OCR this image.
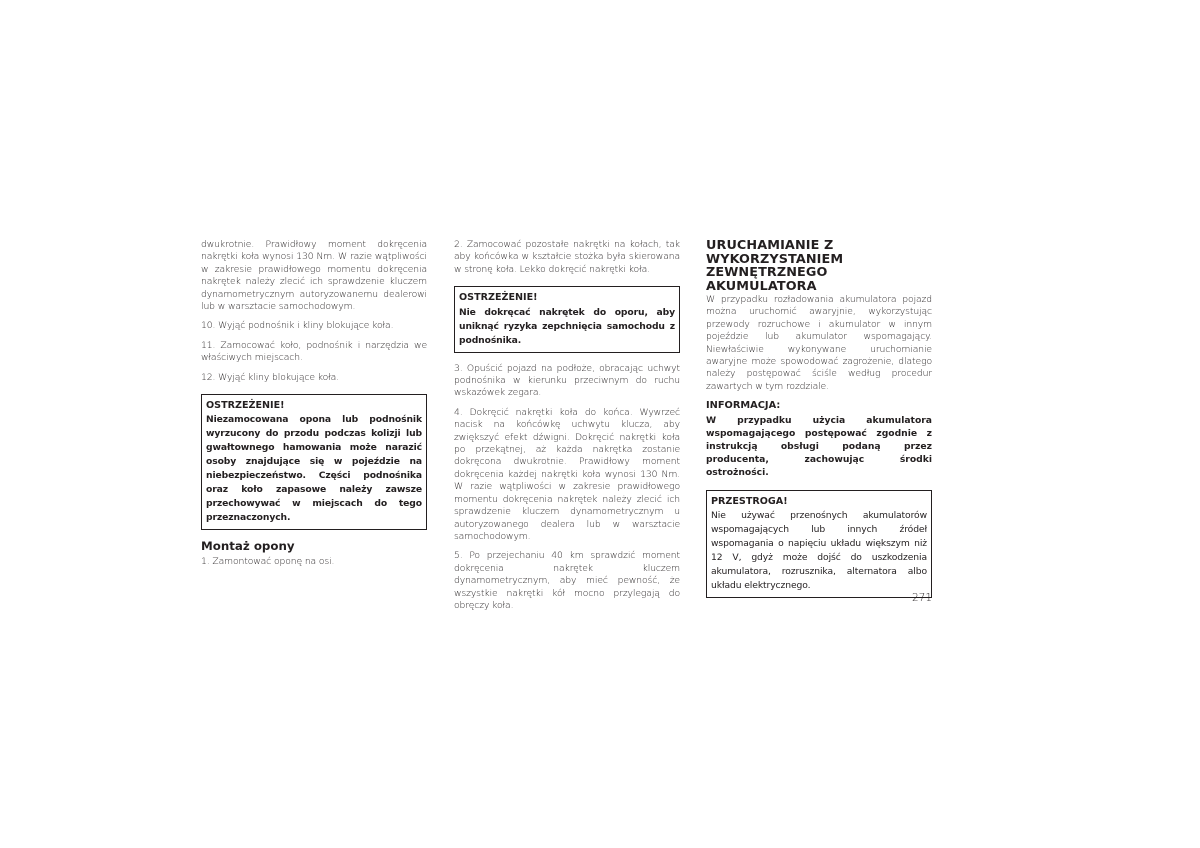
dwukrotnie. Prawidłowy moment dokręcenia nakrętki koła wynosi 130 Nm. W razie wątpliwości w zakresie prawidłowego momentu dokręcenia nakrętek należy zlecić ich sprawdzenie kluczem dynamometrycznym autoryzowanemu dealerowi lub w warsztacie samochodowym.

10. Wyjąć podnośnik i kliny blokujące koła.

11. Zamocować koło, podnośnik i narzędzia we właściwych miejscach.

12. Wyjąć kliny blokujące koła.

OSTRZEŻENIE!
Niezamocowana opona lub podnośnik wyrzucony do przodu podczas kolizji lub gwałtownego hamowania może narazić osoby znajdujące się w pojeździe na niebezpieczeństwo. Części podnośnika oraz koło zapasowe należy zawsze przechowywać w miejscach do tego przeznaczonych.
Montaż opony

1. Zamontować oponę na osi.

2. Zamocować pozostałe nakrętki na kołach, tak aby końcówka w kształcie stożka była skierowana w stronę koła. Lekko dokręcić nakrętki koła.

OSTRZEŻENIE!
Nie dokręcać nakrętek do oporu, aby uniknąć ryzyka zepchnięcia samochodu z podnośnika.

3. Opuścić pojazd na podłoże, obracając uchwyt podnośnika w kierunku przeciwnym do ruchu wskazówek zegara.

4. Dokręcić nakrętki koła do końca. Wywrzeć nacisk na końcówkę uchwytu klucza, aby zwiększyć efekt dźwigni. Dokręcić nakrętki koła po przekątnej, aż każda nakrętka zostanie dokręcona dwukrotnie. Prawidłowy moment dokręcenia każdej nakrętki koła wynosi 130 Nm. W razie wątpliwości w zakresie prawidłowego momentu dokręcenia nakrętek należy zlecić ich sprawdzenie kluczem dynamometrycznym u autoryzowanego dealera lub w warsztacie samochodowym.

5. Po przejechaniu 40 km sprawdzić moment dokręcenia nakrętek kluczem dynamometrycznym, aby mieć pewność, że wszystkie nakrętki kół mocno przylegają do obręczy koła.

URUCHAMIANIE Z WYKORZYSTANIEM ZEWNĘTRZNEGO AKUMULATORA

W przypadku rozładowania akumulatora pojazd można uruchomić awaryjnie, wykorzystując przewody rozruchowe i akumulator w innym pojeździe lub akumulator wspomagający. Niewłaściwie wykonywane uruchomianie awaryjne może spowodować zagrożenie, dlatego należy postępować ściśle według procedur zawartych w tym rozdziale.

INFORMACJA:
W przypadku użycia akumulatora wspomagającego postępować zgodnie z instrukcją obsługi podaną przez producenta, zachowując środki ostrożności.
PRZESTROGA!
Nie używać przenośnych akumulatorów wspomagających lub innych źródeł wspomagania o napięciu układu większym niż 12 V, gdyż może dojść do uszkodzenia akumulatora, rozrusznika, alternatora albo układu elektrycznego.
271
